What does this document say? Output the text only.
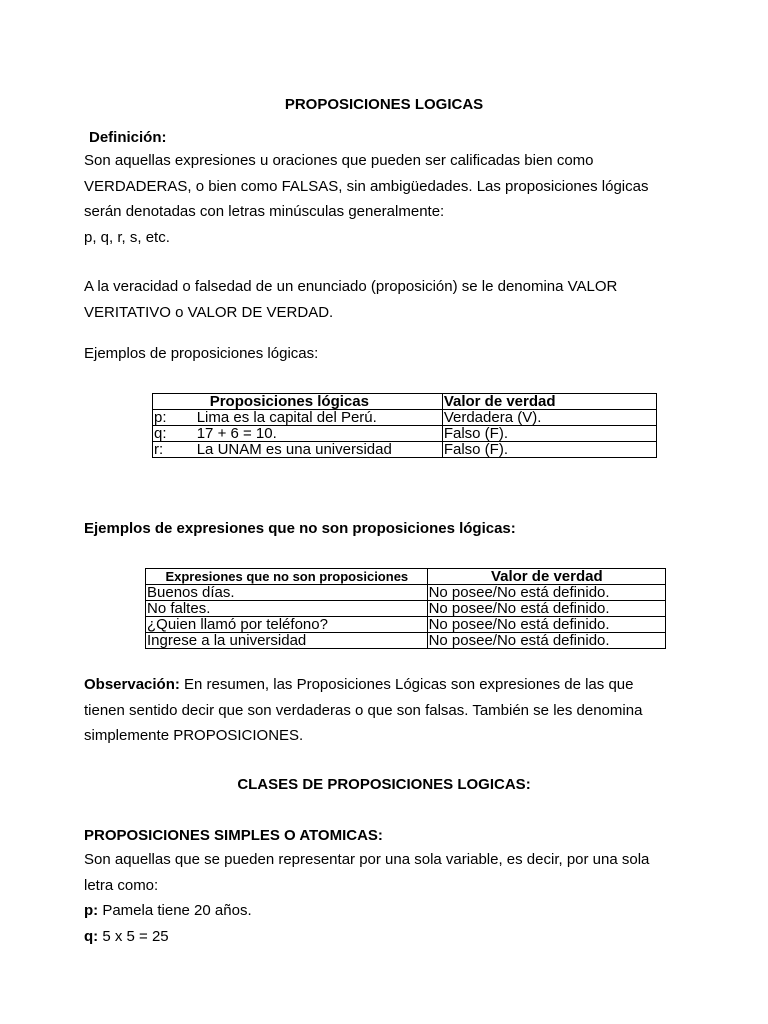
PROPOSICIONES LOGICAS
Definición:
Son aquellas expresiones u oraciones que pueden ser calificadas bien como
VERDADERAS, o bien como FALSAS, sin ambigüedades. Las proposiciones lógicas
serán denotadas con letras minúsculas generalmente:
p, q, r, s, etc.
A la veracidad o falsedad de un enunciado (proposición) se le denomina VALOR
VERITATIVO o VALOR DE VERDAD.
Ejemplos de proposiciones lógicas:
	Proposiciones lógicas	Valor de verdad
p:	Lima es la capital del Perú.	Verdadera (V).
q:	17 + 6 = 10.	Falso (F).
r:	La UNAM es una universidad	Falso (F).
Ejemplos de expresiones que no son proposiciones lógicas:
Expresiones que no son proposiciones	Valor de verdad
Buenos días.	No posee/No está definido.
No faltes.	No posee/No está definido.
¿Quien llamó por teléfono?	No posee/No está definido.
Ingrese a la universidad	No posee/No está definido.
Observación: En resumen, las Proposiciones Lógicas son expresiones de las que
tienen sentido decir que son verdaderas o que son falsas. También se les denomina
simplemente PROPOSICIONES.
CLASES DE PROPOSICIONES LOGICAS:
PROPOSICIONES SIMPLES O ATOMICAS:
Son aquellas que se pueden representar por una sola variable, es decir, por una sola
letra como:
p: Pamela tiene 20 años.
q: 5 x 5 = 25
